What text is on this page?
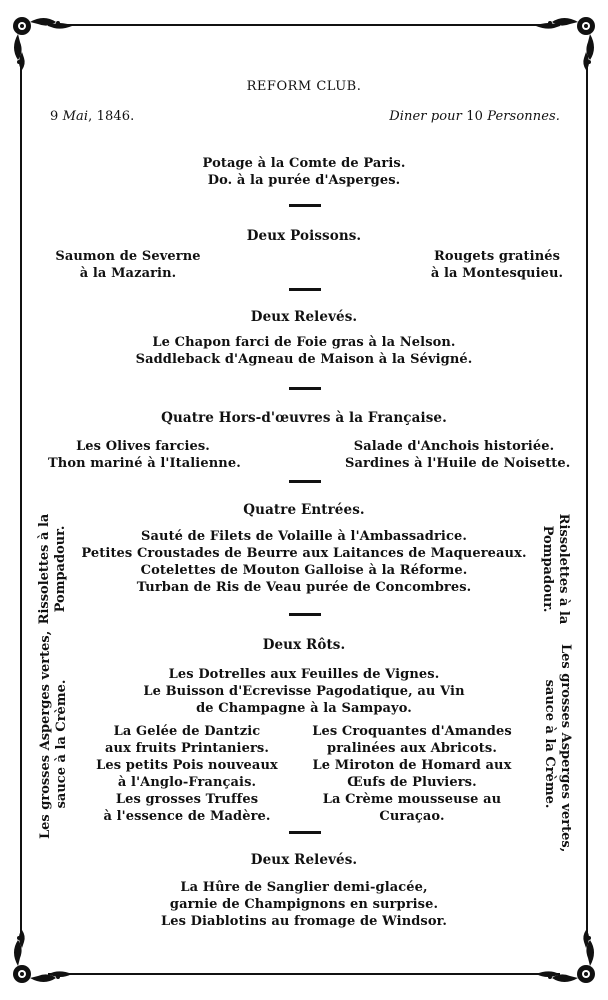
REFORM CLUB.
9 Mai, 1846.	Diner pour 10 Personnes.
Potage à la Comte de Paris.
Do. à la purée d'Asperges.
Deux Poissons.
Saumon de Severne
à la Mazarin.
Rougets gratinés
à la Montesquieu.
Deux Relevés.
Le Chapon farci de Foie gras à la Nelson.
Saddleback d'Agneau de Maison à la Sévigné.
Quatre Hors-d'œuvres à la Française.
Les Olives farcies.
Thon mariné à l'Italienne.
Salade d'Anchois historiée.
Sardines à l'Huile de Noisette.
Quatre Entrées.
Sauté de Filets de Volaille à l'Ambassadrice.
Petites Croustades de Beurre aux Laitances de Maquereaux.
Cotelettes de Mouton Galloise à la Réforme.
Turban de Ris de Veau purée de Concombres.
Rissolettes à la Pompadour.	Rissolettes à la
Pompadour.
Deux Rôts.
Les Dotrelles aux Feuilles de Vignes.
Le Buisson d'Ecrevisse Pagodatique, au Vin
de Champagne à la Sampayo.
Les grosses Asperges vertes, sauce à la Crème.	Les grosses Asperges vertes,
sauce à la Crème.
La Gelée de Dantzic
aux fruits Printaniers.
Les petits Pois nouveaux
à l'Anglo-Français.
Les grosses Truffes
à l'essence de Madère.
Les Croquantes d'Amandes
pralinées aux Abricots.
Le Miroton de Homard aux
Œufs de Pluviers.
La Crème mousseuse au
Curaçao.
Deux Relevés.
La Hûre de Sanglier demi-glacée,
garnie de Champignons en surprise.
Les Diablotins au fromage de Windsor.
